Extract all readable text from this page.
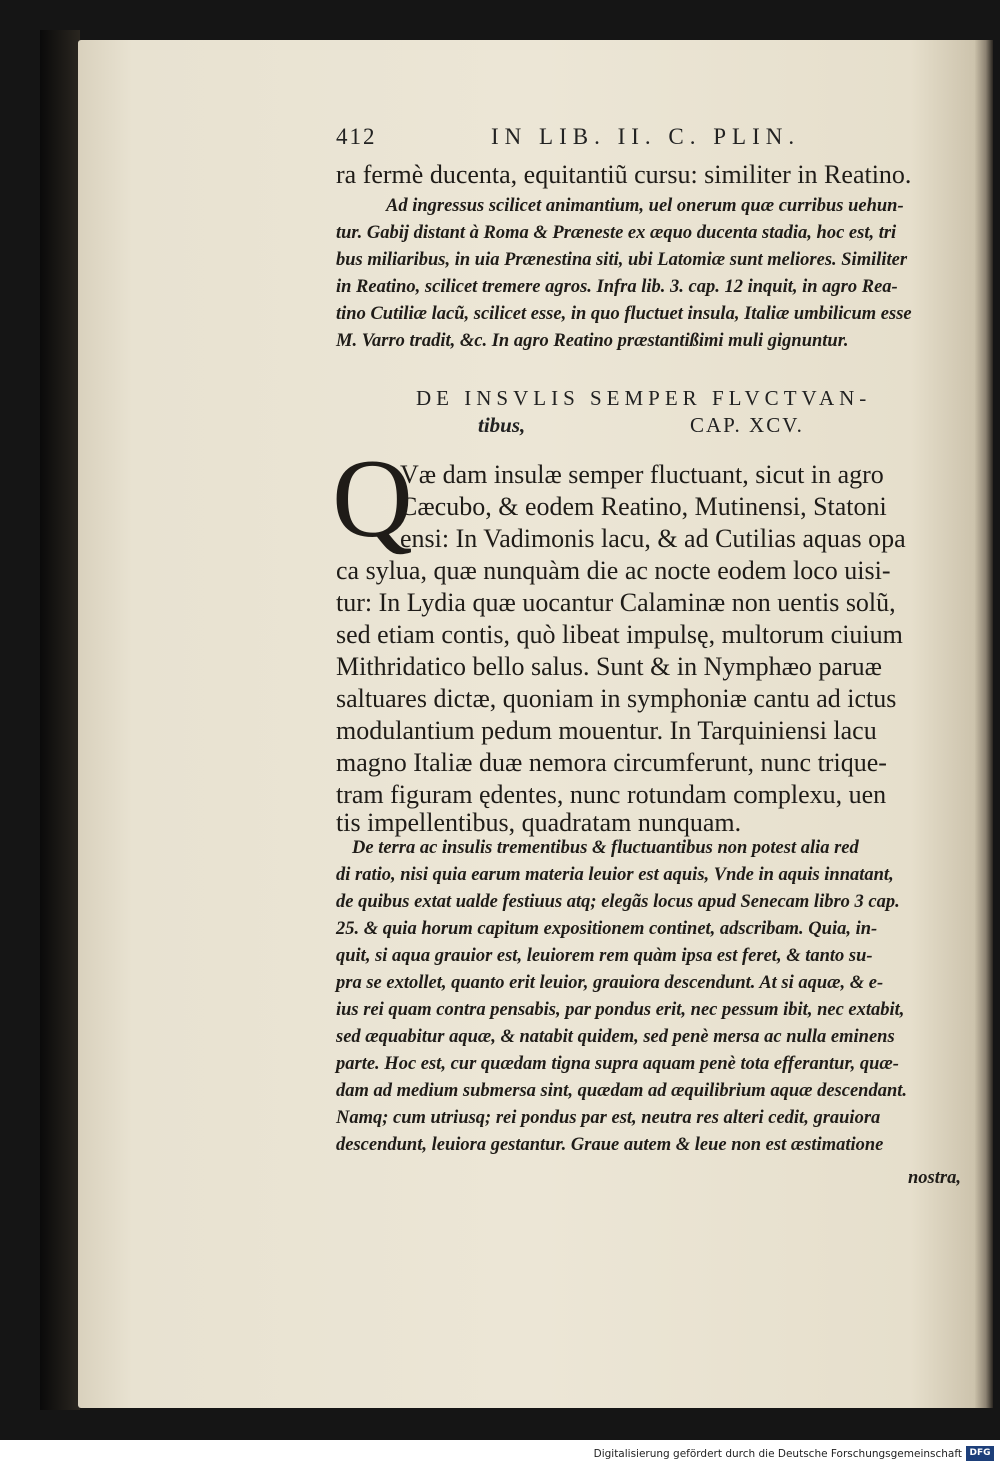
412	IN LIB. II. C. PLIN.
ra fermè ducenta, equitantiũ cursu: similiter in Reatino.
Ad ingressus scilicet animantium, uel onerum quæ curribus uehun-
tur. Gabij distant à Roma & Præneste ex æquo ducenta stadia, hoc est, tri
bus miliaribus, in uia Prænestina siti, ubi Latomiæ sunt meliores. Similiter
in Reatino, scilicet tremere agros. Infra lib. 3. cap. 12 inquit, in agro Rea-
tino Cutiliæ lacũ, scilicet esse, in quo fluctuet insula, Italiæ umbilicum esse
M. Varro tradit, &c. In agro Reatino præstantißimi muli gignuntur.
DE INSVLIS SEMPER FLVCTVAN-
tibus,	CAP. XCV.
Q
Væ dam insulæ semper fluctuant, sicut in agro
Cæcubo, & eodem Reatino, Mutinensi, Statoni
ensi: In Vadimonis lacu, & ad Cutilias aquas opa
ca sylua, quæ nunquàm die ac nocte eodem loco uisi-
tur: In Lydia quæ uocantur Calaminæ non uentis solũ,
sed etiam contis, quò libeat impulsę, multorum ciuium
Mithridatico bello salus. Sunt & in Nymphæo paruæ
saltuares dictæ, quoniam in symphoniæ cantu ad ictus
modulantium pedum mouentur. In Tarquiniensi lacu
magno Italiæ duæ nemora circumferunt, nunc trique-
tram figuram ędentes, nunc rotundam complexu, uen
tis impellentibus, quadratam nunquam.
De terra ac insulis trementibus & fluctuantibus non potest alia red
di ratio, nisi quia earum materia leuior est aquis, Vnde in aquis innatant,
de quibus extat ualde festiuus atq; elegãs locus apud Senecam libro 3 cap.
25. & quia horum capitum expositionem continet, adscribam. Quia, in-
quit, si aqua grauior est, leuiorem rem quàm ipsa est feret, & tanto su-
pra se extollet, quanto erit leuior, grauiora descendunt. At si aquæ, & e-
ius rei quam contra pensabis, par pondus erit, nec pessum ibit, nec extabit,
sed æquabitur aquæ, & natabit quidem, sed penè mersa ac nulla eminens
parte. Hoc est, cur quædam tigna supra aquam penè tota efferantur, quæ-
dam ad medium submersa sint, quædam ad æquilibrium aquæ descendant.
Namq; cum utriusq; rei pondus par est, neutra res alteri cedit, grauiora
descendunt, leuiora gestantur. Graue autem & leue non est æstimatione
nostra,
Digitalisierung gefördert durch die Deutsche Forschungsgemeinschaft DFG
